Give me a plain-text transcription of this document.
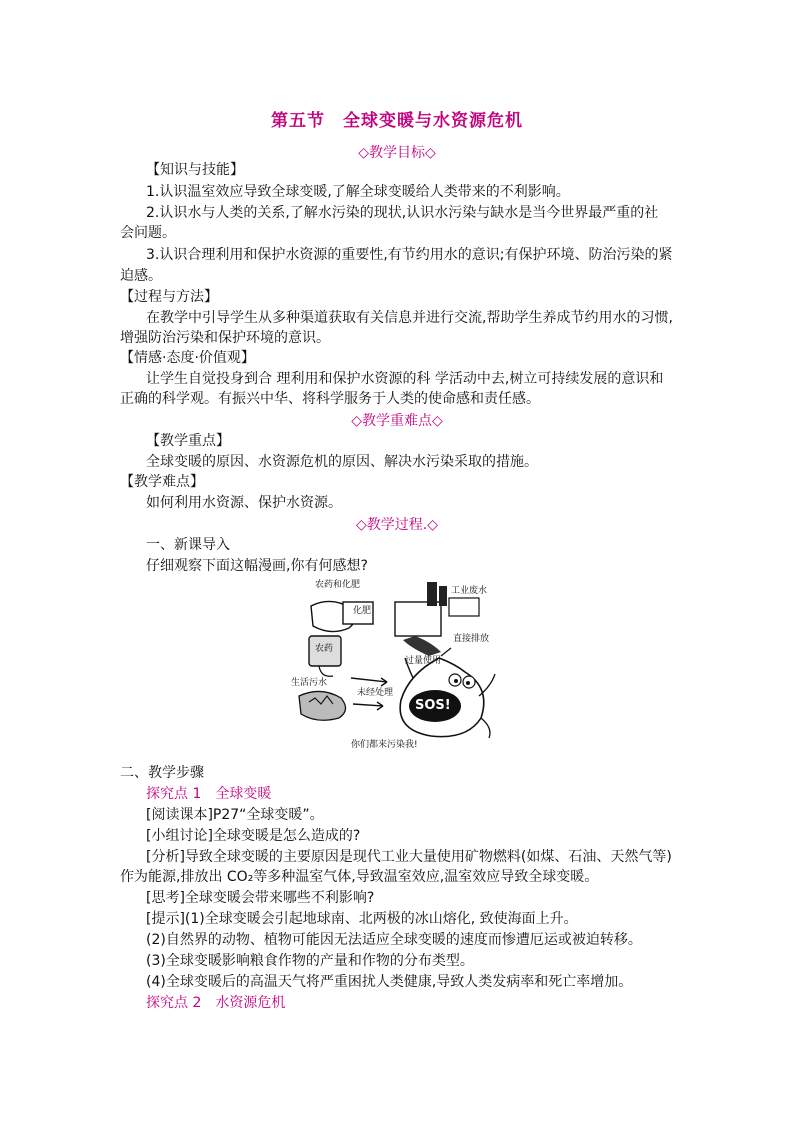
第五节　全球变暖与水资源危机
◇教学目标◇
【知识与技能】
1.认识温室效应导致全球变暖,了解全球变暖给人类带来的不利影响。
2.认识水与人类的关系,了解水污染的现状,认识水污染与缺水是当今世界最严重的社
会问题。
3.认识合理利用和保护水资源的重要性,有节约用水的意识;有保护环境、防治污染的紧
迫感。
【过程与方法】
在教学中引导学生从多种渠道获取有关信息并进行交流,帮助学生养成节约用水的习惯,
增强防治污染和保护环境的意识。
【情感·态度·价值观】
让学生自觉投身到合 理利用和保护水资源的科 学活动中去,树立可持续发展的意识和
正确的科学观。有振兴中华、将科学服务于人类的使命感和责任感。
◇教学重难点◇
【教学重点】
全球变暖的原因、水资源危机的原因、解决水污染采取的措施。
【教学难点】
如何利用水资源、保护水资源。
◇教学过程.◇
一、新课导入
仔细观察下面这幅漫画,你有何感想?
农药和化肥
化肥
农药
工业废水
直接排放
过量使用
生活污水
未经处理
SOS!
你们都来污染我!
二、教学步骤
探究点 1　全球变暖
[阅读课本]P27“全球变暖”。
[小组讨论]全球变暖是怎么造成的?
[分析]导致全球变暖的主要原因是现代工业大量使用矿物燃料(如煤、石油、天然气等)
作为能源,排放出 CO₂等多种温室气体,导致温室效应,温室效应导致全球变暖。
[思考]全球变暖会带来哪些不利影响?
[提示](1)全球变暖会引起地球南、北两极的冰山熔化, 致使海面上升。
(2)自然界的动物、植物可能因无法适应全球变暖的速度而惨遭厄运或被迫转移。
(3)全球变暖影响粮食作物的产量和作物的分布类型。
(4)全球变暖后的高温天气将严重困扰人类健康,导致人类发病率和死亡率增加。
探究点 2　水资源危机
